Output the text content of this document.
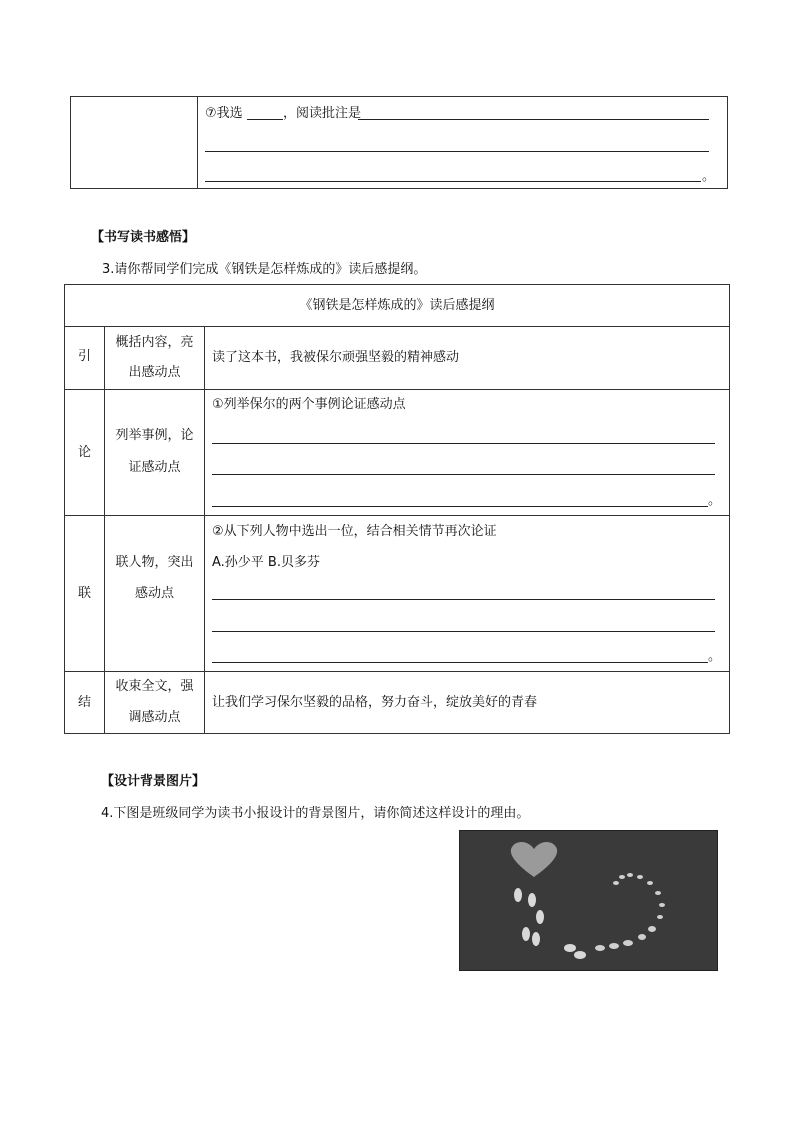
⑦我选	，阅读批注是
。
【书写读书感悟】
3.请你帮同学们完成《钢铁是怎样炼成的》读后感提纲。
《钢铁是怎样炼成的》读后感提纲
引
概括内容，亮
出感动点
读了这本书，我被保尔顽强坚毅的精神感动
论
列举事例，论
证感动点
①列举保尔的两个事例论证感动点
。
联
联人物，突出
感动点
②从下列人物中选出一位，结合相关情节再次论证
A.孙少平 B.贝多芬
。
结
收束全文，强
调感动点
让我们学习保尔坚毅的品格，努力奋斗，绽放美好的青春
【设计背景图片】
4.下图是班级同学为读书小报设计的背景图片，请你简述这样设计的理由。
